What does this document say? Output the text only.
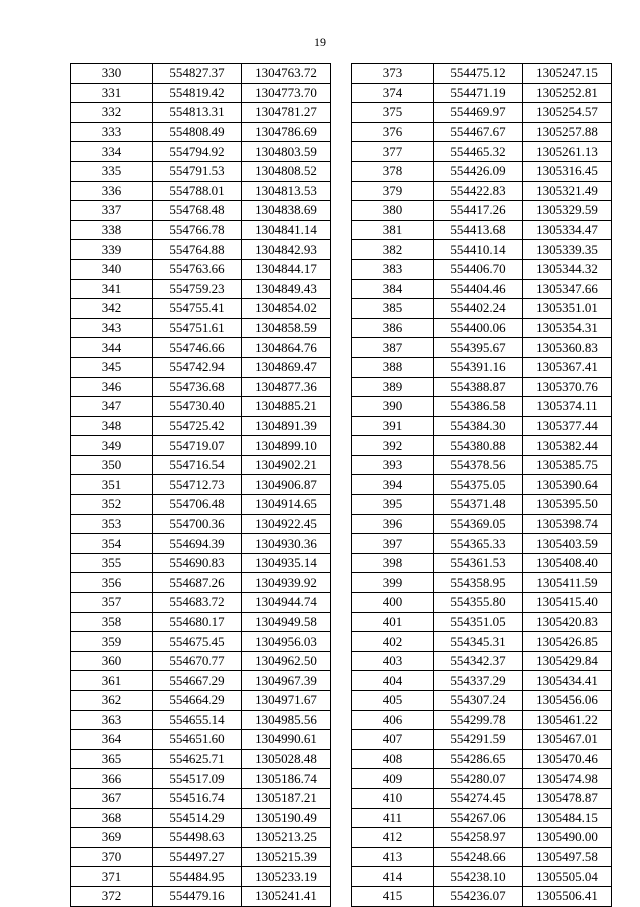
19
330	554827.37	1304763.72
331	554819.42	1304773.70
332	554813.31	1304781.27
333	554808.49	1304786.69
334	554794.92	1304803.59
335	554791.53	1304808.52
336	554788.01	1304813.53
337	554768.48	1304838.69
338	554766.78	1304841.14
339	554764.88	1304842.93
340	554763.66	1304844.17
341	554759.23	1304849.43
342	554755.41	1304854.02
343	554751.61	1304858.59
344	554746.66	1304864.76
345	554742.94	1304869.47
346	554736.68	1304877.36
347	554730.40	1304885.21
348	554725.42	1304891.39
349	554719.07	1304899.10
350	554716.54	1304902.21
351	554712.73	1304906.87
352	554706.48	1304914.65
353	554700.36	1304922.45
354	554694.39	1304930.36
355	554690.83	1304935.14
356	554687.26	1304939.92
357	554683.72	1304944.74
358	554680.17	1304949.58
359	554675.45	1304956.03
360	554670.77	1304962.50
361	554667.29	1304967.39
362	554664.29	1304971.67
363	554655.14	1304985.56
364	554651.60	1304990.61
365	554625.71	1305028.48
366	554517.09	1305186.74
367	554516.74	1305187.21
368	554514.29	1305190.49
369	554498.63	1305213.25
370	554497.27	1305215.39
371	554484.95	1305233.19
372	554479.16	1305241.41
373	554475.12	1305247.15
374	554471.19	1305252.81
375	554469.97	1305254.57
376	554467.67	1305257.88
377	554465.32	1305261.13
378	554426.09	1305316.45
379	554422.83	1305321.49
380	554417.26	1305329.59
381	554413.68	1305334.47
382	554410.14	1305339.35
383	554406.70	1305344.32
384	554404.46	1305347.66
385	554402.24	1305351.01
386	554400.06	1305354.31
387	554395.67	1305360.83
388	554391.16	1305367.41
389	554388.87	1305370.76
390	554386.58	1305374.11
391	554384.30	1305377.44
392	554380.88	1305382.44
393	554378.56	1305385.75
394	554375.05	1305390.64
395	554371.48	1305395.50
396	554369.05	1305398.74
397	554365.33	1305403.59
398	554361.53	1305408.40
399	554358.95	1305411.59
400	554355.80	1305415.40
401	554351.05	1305420.83
402	554345.31	1305426.85
403	554342.37	1305429.84
404	554337.29	1305434.41
405	554307.24	1305456.06
406	554299.78	1305461.22
407	554291.59	1305467.01
408	554286.65	1305470.46
409	554280.07	1305474.98
410	554274.45	1305478.87
411	554267.06	1305484.15
412	554258.97	1305490.00
413	554248.66	1305497.58
414	554238.10	1305505.04
415	554236.07	1305506.41
